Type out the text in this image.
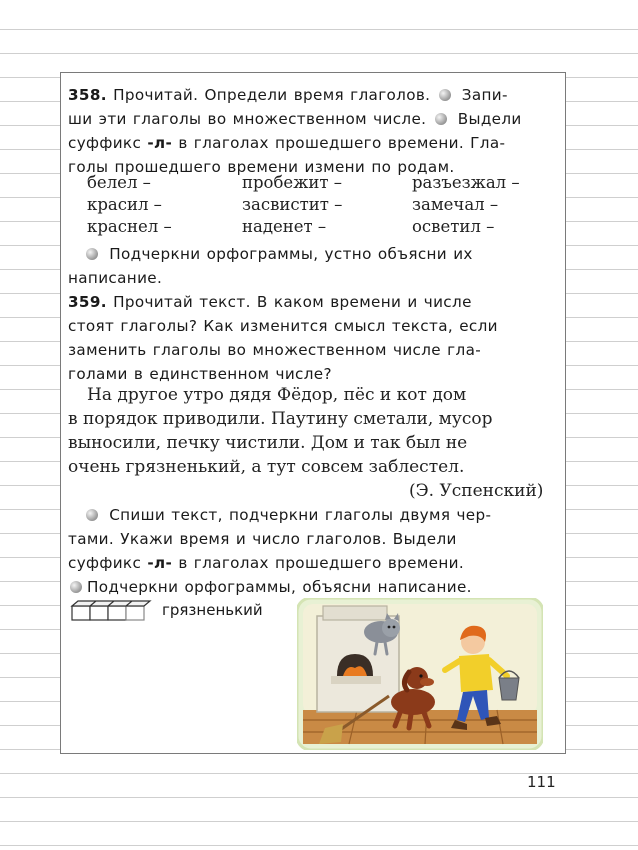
358. Прочитай. Определи время глаголов. Запи-

ши эти глаголы во множественном числе. Выдели

суффикс -л- в глаголах прошедшего времени. Гла-

голы прошедшего времени измени по родам.

белел –	пробежит –	разъезжал –
красил –	засвистит –	замечал –
краснел –	наденет –	осветил –

Подчеркни орфограммы, устно объясни их

написание.

359. Прочитай текст. В каком времени и числе

стоят глаголы? Как изменится смысл текста, если

заменить глаголы во множественном числе гла-

голами в единственном числе?

На другое утро дядя Фёдор, пёс и кот дом

в порядок приводили. Паутину сметали, мусор

выносили, печку чистили. Дом и так был не

очень грязненький, а тут совсем заблестел.

(Э. Успенский)

Спиши текст, подчеркни глаголы двумя чер-

тами. Укажи время и число глаголов. Выдели

суффикс -л- в глаголах прошедшего времени.

Подчеркни орфограммы, объясни написание.

грязненький
111
